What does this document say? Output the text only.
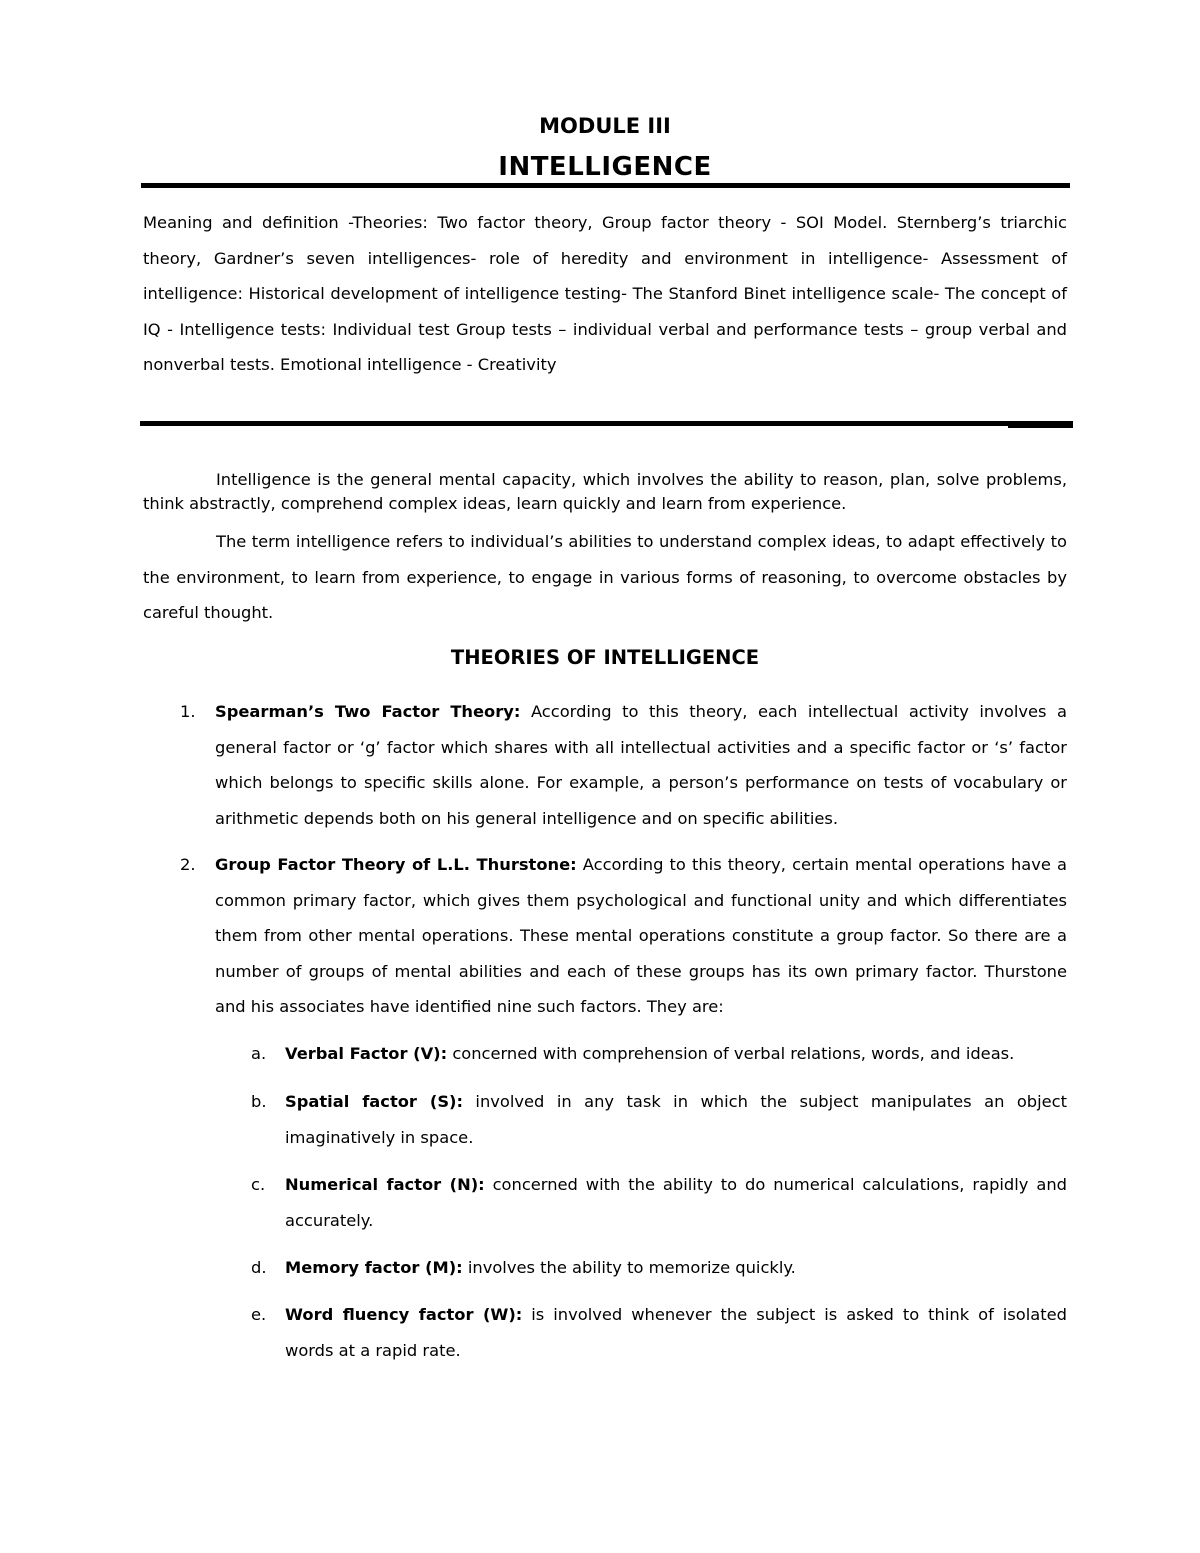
MODULE III
INTELLIGENCE
Meaning and definition -Theories: Two factor theory, Group factor theory - SOI Model. Sternberg’s triarchic theory, Gardner’s seven intelligences- role of heredity and environment in intelligence- Assessment of intelligence: Historical development of intelligence testing- The Stanford Binet intelligence scale- The concept of IQ - Intelligence tests: Individual test Group tests – individual verbal and performance tests – group verbal and nonverbal tests. Emotional intelligence - Creativity
Intelligence is the general mental capacity, which involves the ability to reason, plan, solve problems, think abstractly, comprehend complex ideas, learn quickly and learn from experience.
The term intelligence refers to individual’s abilities to understand complex ideas, to adapt effectively to the environment, to learn from experience, to engage in various forms of reasoning, to overcome obstacles by careful thought.
THEORIES OF INTELLIGENCE
1. Spearman’s Two Factor Theory: According to this theory, each intellectual activity involves a general factor or ‘g’ factor which shares with all intellectual activities and a specific factor or ‘s’ factor which belongs to specific skills alone. For example, a person’s performance on tests of vocabulary or arithmetic depends both on his general intelligence and on specific abilities.
2. Group Factor Theory of L.L. Thurstone: According to this theory, certain mental operations have a common primary factor, which gives them psychological and functional unity and which differentiates them from other mental operations. These mental operations constitute a group factor. So there are a number of groups of mental abilities and each of these groups has its own primary factor. Thurstone and his associates have identified nine such factors. They are:
a. Verbal Factor (V): concerned with comprehension of verbal relations, words, and ideas.
b. Spatial factor (S): involved in any task in which the subject manipulates an object imaginatively in space.
c. Numerical factor (N): concerned with the ability to do numerical calculations, rapidly and accurately.
d. Memory factor (M): involves the ability to memorize quickly.
e. Word fluency factor (W): is involved whenever the subject is asked to think of isolated words at a rapid rate.
